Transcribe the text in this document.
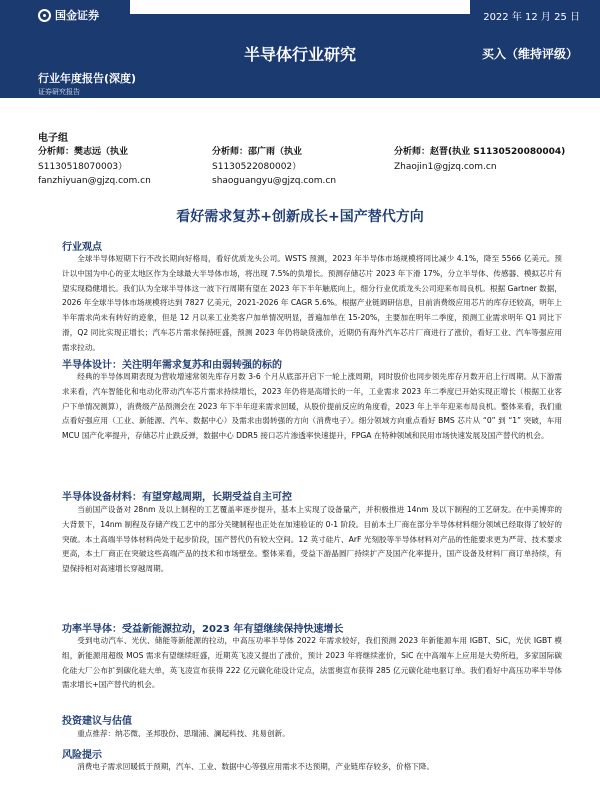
国金证券	2022 年 12 月 25 日
半导体行业研究	买入（维持评级）
行业年度报告(深度)
证券研究报告
电子组
分析师：樊志远（执业
S1130518070003）
fanzhiyuan@gjzq.com.cn
分析师：邵广雨（执业
S1130522080002）
shaoguangyu@gjzq.com.cn
分析师：赵晋(执业 S1130520080004)
Zhaojin1@gjzq.com.cn
看好需求复苏+创新成长+国产替代方向
行业观点

全球半导体短期下行不改长期向好格局，看好优质龙头公司。WSTS 预测，2023 年半导体市场规模将同比减少 4.1%，降至 5566 亿美元。预计以中国为中心的亚太地区作为全球最大半导体市场，将出现 7.5%的负增长。预测存储芯片 2023 年下滑 17%，分立半导体、传感器、模拟芯片有望实现稳健增长。我们认为全球半导体这一波下行周期有望在 2023 年下半年触底向上，细分行业优质龙头公司迎来布局良机。根据 Gartner 数据，2026 年全球半导体市场规模将达到 7827 亿美元，2021-2026 年 CAGR 5.6%。根据产业链调研信息，目前消费级应用芯片的库存还较高，明年上半年需求尚未有转好的迹象，但是 12 月以来工业类客户加单情况明显，普遍加单在 15-20%，主要加在明年二季度，预测工业需求明年 Q1 同比下滑，Q2 同比实现正增长；汽车芯片需求保持旺盛，预测 2023 年仍将缺货涨价，近期仍有海外汽车芯片厂商进行了涨价，看好工业、汽车等强应用需求拉动。

半导体设计：关注明年需求复苏和由弱转强的标的

经典的半导体周期表现为营收增速常领先库存月数 3-6 个月从底部开启下一轮上涨周期，同时股价也同步领先库存月数开启上行周期。从下游需求来看，汽车智能化和电动化带动汽车芯片需求持续增长，2023 年仍将是高增长的一年，工业需求 2023 年二季度已开始实现正增长（根据工业客户下单情况测算），消费级产品预测会在 2023 年下半年迎来需求回暖，从股价提前反应的角度看，2023 年上半年迎来布局良机。整体来看，我们重点看好强应用（工业、新能源、汽车、数据中心）及需求由弱转强的方向（消费电子）。细分领域方向重点看好 BMS 芯片从 “0” 到 “1” 突破，车用 MCU 国产化率提升，存储芯片止跌反弹，数据中心 DDR5 接口芯片渗透率快速提升，FPGA 在特种领域和民用市场快速发展及国产替代的机会。

半导体设备材料：有望穿越周期，长期受益自主可控

当前国产设备对 28nm 及以上制程的工艺覆盖率逐步提升，基本上实现了设备量产，并积极推进 14nm 及以下制程的工艺研发。在中美博弈的大背景下，14nm 制程及存储产线工艺中的部分关键制程也正处在加速验证的 0-1 阶段。目前本土厂商在部分半导体材料细分领域已经取得了较好的突破。本土高端半导体材料尚处于起步阶段，国产替代仍有较大空间。12 英寸硅片、ArF 光刻胶等半导体材料对产品的性能要求更为严苛、技术要求更高，本土厂商正在突破这些高端产品的技术和市场壁垒。整体来看，受益下游晶圆厂持续扩产及国产化率提升，国产设备及材料厂商订单持续，有望保持相对高速增长穿越周期。

功率半导体：受益新能源拉动，2023 年有望继续保持快速增长

受到电动汽车、光伏、储能等新能源的拉动，中高压功率半导体 2022 年需求较好，我们预测 2023 年新能源车用 IGBT、SiC，光伏 IGBT 模组，新能源用超级 MOS 需求有望继续旺盛，近期英飞凌又提出了涨价，预计 2023 年将继续涨价，SiC 在中高端车上应用是大势所趋，多家国际碳化硅大厂公布扩到碳化硅大单，英飞凌宣布获得 222 亿元碳化硅设计定点，法雷奥宣布获得 285 亿元碳化硅电驱订单。我们看好中高压功率半导体需求增长+国产替代的机会。

投资建议与估值

重点推荐：纳芯微、圣邦股份、思瑞浦、澜起科技、兆易创新。

风险提示

消费电子需求回暖低于预期，汽车、工业、数据中心等强应用需求不达预期，产业链库存较多，价格下降。
